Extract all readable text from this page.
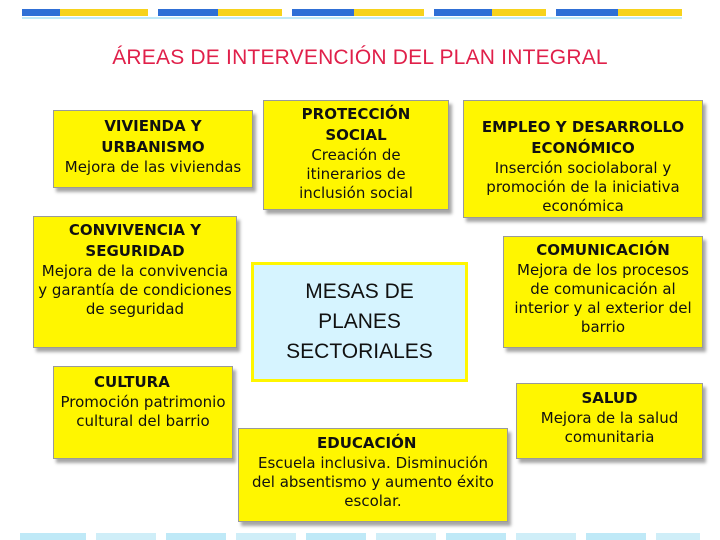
ÁREAS DE INTERVENCIÓN DEL PLAN INTEGRAL
VIVIENDA Y URBANISMO
Mejora de las viviendas
PROTECCIÓN SOCIAL
Creación de itinerarios de inclusión social
EMPLEO Y DESARROLLO ECONÓMICO
Inserción sociolaboral y promoción de la iniciativa económica
CONVIVENCIA Y SEGURIDAD
Mejora de la convivencia y garantía de condiciones de seguridad
COMUNICACIÓN
Mejora de los procesos de comunicación al interior y al exterior del barrio
MESAS DE PLANES SECTORIALES
CULTURA
Promoción patrimonio cultural del barrio
SALUD
Mejora de la salud comunitaria
EDUCACIÓN
Escuela inclusiva. Disminución del absentismo y aumento éxito escolar.
